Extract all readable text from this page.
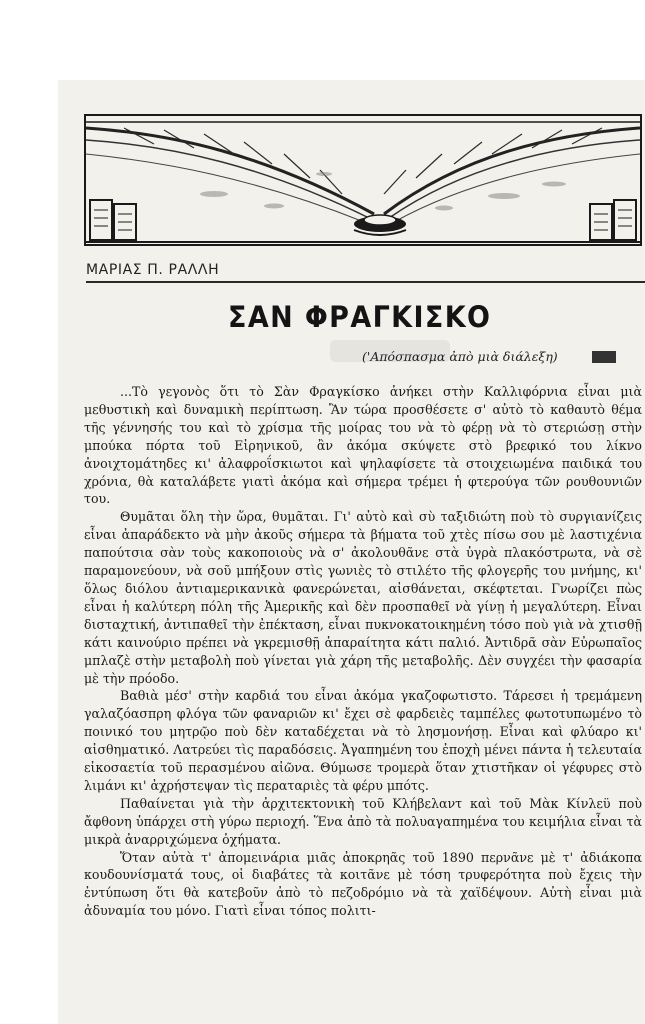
ΜΑΡΙΑΣ Π. ΡΑΛΛΗ
ΣΑΝ ΦΡΑΓΚΙΣΚΟ
('Απόσπασμα ἀπὸ μιὰ διάλεξη)

...Τὸ γεγονὸς ὅτι τὸ Σὰν Φραγκίσκο ἀνήκει στὴν Καλλιφόρνια εἶναι μιὰ μεθυστικὴ καὶ δυναμικὴ περίπτωση. Ἂν τώρα προσθέσετε σ' αὐτὸ τὸ καθαυτὸ θέμα τῆς γέννησής του καὶ τὸ χρίσμα τῆς μοίρας του νὰ τὸ φέρῃ νὰ τὸ στεριώσῃ στὴν μπούκα πόρτα τοῦ Εἰρηνικοῦ, ἂν ἀκόμα σκύψετε στὸ βρεφικό του λίκνο ἀνοιχτομάτηδες κι' ἀλαφροΐσκιωτοι καὶ ψηλαφίσετε τὰ στοιχειωμένα παιδικά του χρόνια, θὰ καταλάβετε γιατὶ ἀκόμα καὶ σήμερα τρέμει ἡ φτερούγα τῶν ρουθουνιῶν του.

Θυμᾶται ὅλη τὴν ὥρα, θυμᾶται. Γι' αὐτὸ καὶ σὺ ταξιδιώτη ποὺ τὸ συργιανίζεις εἶναι ἀπαράδεκτο νὰ μὴν ἀκοῦς σήμερα τὰ βήματα τοῦ χτὲς πίσω σου μὲ λαστιχένια παπούτσια σὰν τοὺς κακοποιοὺς νὰ σ' ἀκολουθᾶνε στὰ ὑγρὰ πλακόστρωτα, νὰ σὲ παραμονεύουν, νὰ σοῦ μπήξουν στὶς γωνιὲς τὸ στιλέτο τῆς φλογερῆς του μνήμης, κι' ὅλως διόλου ἀντιαμερικανικὰ φανερώνεται, αἰσθάνεται, σκέφτεται. Γνωρίζει πὼς εἶναι ἡ καλύτερη πόλη τῆς Ἀμερικῆς καὶ δὲν προσπαθεῖ νὰ γίνῃ ἡ μεγαλύτερη. Εἶναι δισταχτική, ἀντιπαθεῖ τὴν ἐπέκταση, εἶναι πυκνοκατοικημένη τόσο ποὺ γιὰ νὰ χτισθῇ κάτι καινούριο πρέπει νὰ γκρεμισθῇ ἀπαραίτητα κάτι παλιό. Ἀντιδρᾶ σὰν Εὐρωπαῖος μπλαζὲ στὴν μεταβολὴ ποὺ γίνεται γιὰ χάρη τῆς μεταβολῆς. Δὲν συγχέει τὴν φασαρία μὲ τὴν πρόοδο.

Βαθιὰ μέσ' στὴν καρδιά του εἶναι ἀκόμα γκαζοφωτιστο. Τάρεσει ἡ τρεμάμενη γαλαζόασπρη φλόγα τῶν φαναριῶν κι' ἔχει σὲ φαρδειὲς ταμπέλες φωτοτυπωμένο τὸ ποινικό του μητρῷο ποὺ δὲν καταδέχεται νὰ τὸ λησμονήσῃ. Εἶναι καὶ φλύαρο κι' αἰσθηματικό. Λατρεύει τὶς παραδόσεις. Ἀγαπημένη του ἐποχὴ μένει πάντα ἡ τελευταία εἰκοσαετία τοῦ περασμένου αἰῶνα. Θύμωσε τρομερὰ ὅταν χτιστῆκαν οἱ γέφυρες στὸ λιμάνι κι' ἀχρήστεψαν τὶς περαταριὲς τὰ φέρυ μπότς.

Παθαίνεται γιὰ τὴν ἀρχιτεκτονικὴ τοῦ Κλήβελαντ καὶ τοῦ Μὰκ Κίνλεϋ ποὺ ἄφθονη ὑπάρχει στὴ γύρω περιοχή. Ἕνα ἀπὸ τὰ πολυαγαπημένα του κειμήλια εἶναι τὰ μικρὰ ἀναρριχώμενα ὀχήματα.

Ὅταν αὐτὰ τ' ἀπομεινάρια μιᾶς ἀποκρηᾶς τοῦ 1890 περνᾶνε μὲ τ' ἀδιάκοπα κουδουνίσματά τους, οἱ διαβάτες τὰ κοιτᾶνε μὲ τόση τρυφερότητα ποὺ ἔχεις τὴν ἐντύπωση ὅτι θὰ κατεβοῦν ἀπὸ τὸ πεζοδρόμιο νὰ τὰ χαϊδέψουν. Αὐτὴ εἶναι μιὰ ἀδυναμία του μόνο. Γιατὶ εἶναι τόπος πολιτι-
